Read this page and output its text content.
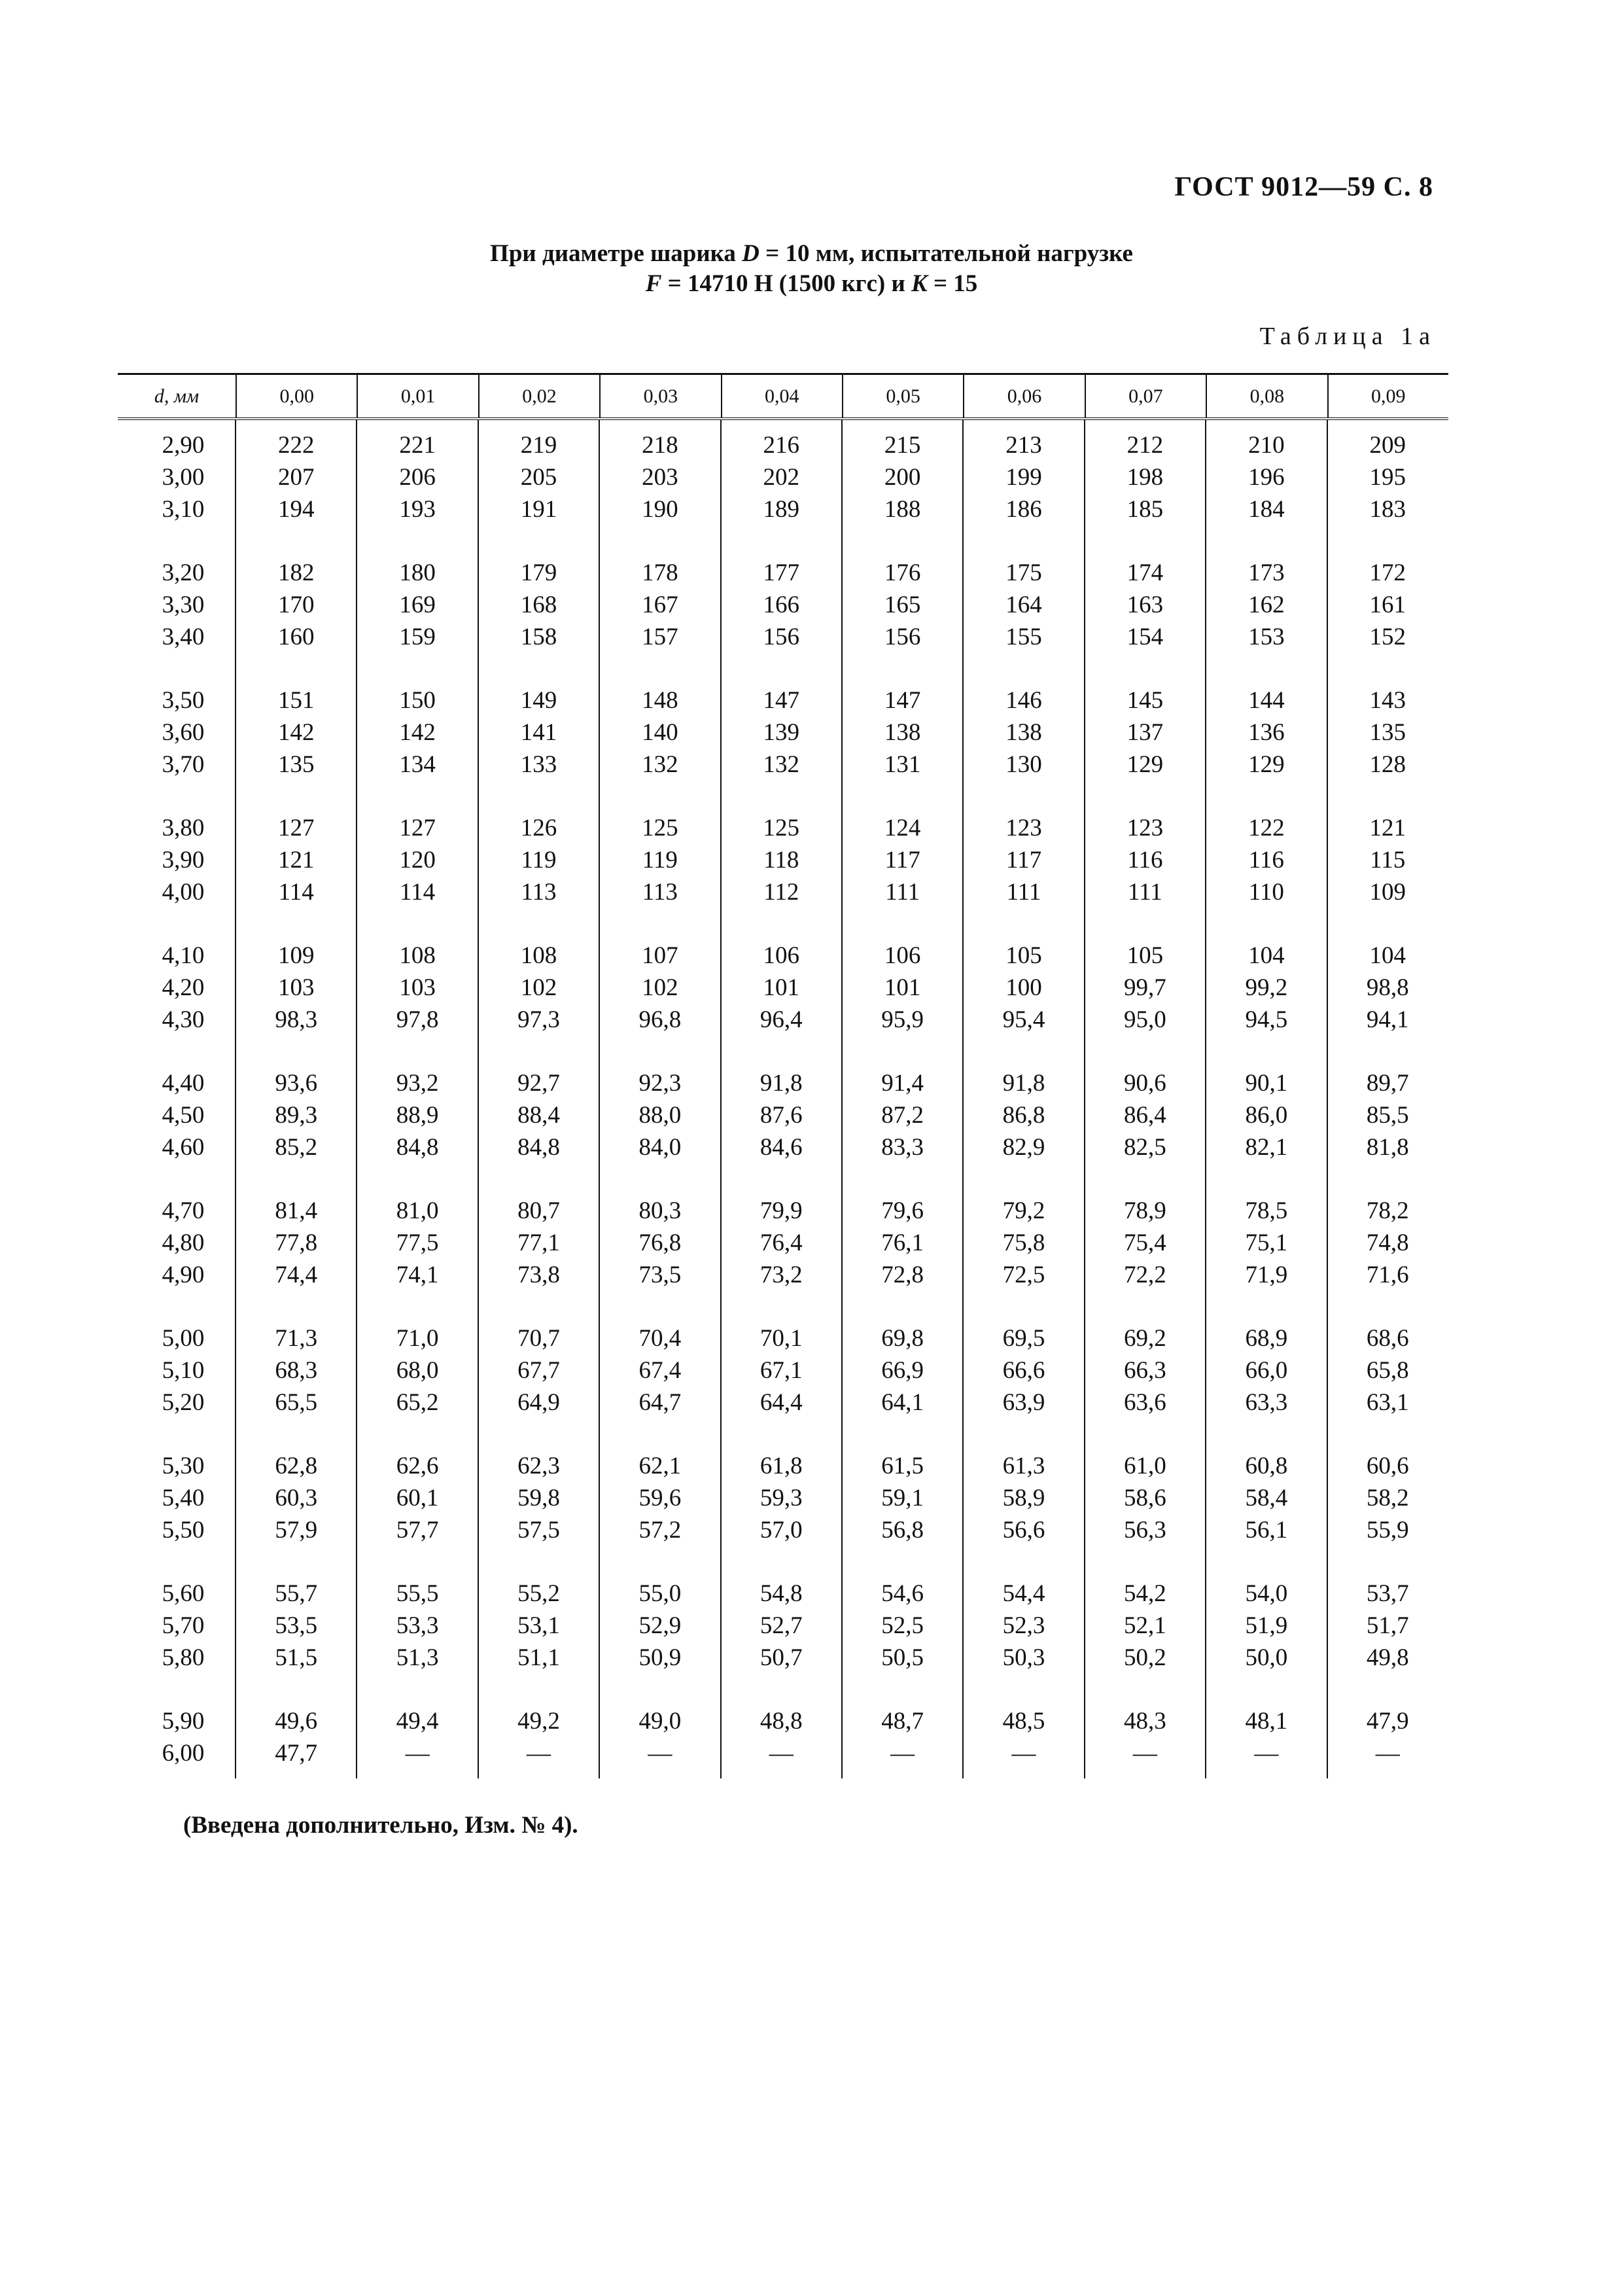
ГОСТ 9012—59 С. 8
При диаметре шарика D = 10 мм, испытательной нагрузке
F = 14710 Н (1500 кгс) и K = 15
Таблица 1а
d, мм	0,00	0,01	0,02	0,03	0,04	0,05	0,06	0,07	0,08	0,09
2,90	222	221	219	218	216	215	213	212	210	209
3,00	207	206	205	203	202	200	199	198	196	195
3,10	194	193	191	190	189	188	186	185	184	183
3,20	182	180	179	178	177	176	175	174	173	172
3,30	170	169	168	167	166	165	164	163	162	161
3,40	160	159	158	157	156	156	155	154	153	152
3,50	151	150	149	148	147	147	146	145	144	143
3,60	142	142	141	140	139	138	138	137	136	135
3,70	135	134	133	132	132	131	130	129	129	128
3,80	127	127	126	125	125	124	123	123	122	121
3,90	121	120	119	119	118	117	117	116	116	115
4,00	114	114	113	113	112	111	111	111	110	109
4,10	109	108	108	107	106	106	105	105	104	104
4,20	103	103	102	102	101	101	100	99,7	99,2	98,8
4,30	98,3	97,8	97,3	96,8	96,4	95,9	95,4	95,0	94,5	94,1
4,40	93,6	93,2	92,7	92,3	91,8	91,4	91,8	90,6	90,1	89,7
4,50	89,3	88,9	88,4	88,0	87,6	87,2	86,8	86,4	86,0	85,5
4,60	85,2	84,8	84,8	84,0	84,6	83,3	82,9	82,5	82,1	81,8
4,70	81,4	81,0	80,7	80,3	79,9	79,6	79,2	78,9	78,5	78,2
4,80	77,8	77,5	77,1	76,8	76,4	76,1	75,8	75,4	75,1	74,8
4,90	74,4	74,1	73,8	73,5	73,2	72,8	72,5	72,2	71,9	71,6
5,00	71,3	71,0	70,7	70,4	70,1	69,8	69,5	69,2	68,9	68,6
5,10	68,3	68,0	67,7	67,4	67,1	66,9	66,6	66,3	66,0	65,8
5,20	65,5	65,2	64,9	64,7	64,4	64,1	63,9	63,6	63,3	63,1
5,30	62,8	62,6	62,3	62,1	61,8	61,5	61,3	61,0	60,8	60,6
5,40	60,3	60,1	59,8	59,6	59,3	59,1	58,9	58,6	58,4	58,2
5,50	57,9	57,7	57,5	57,2	57,0	56,8	56,6	56,3	56,1	55,9
5,60	55,7	55,5	55,2	55,0	54,8	54,6	54,4	54,2	54,0	53,7
5,70	53,5	53,3	53,1	52,9	52,7	52,5	52,3	52,1	51,9	51,7
5,80	51,5	51,3	51,1	50,9	50,7	50,5	50,3	50,2	50,0	49,8
5,90	49,6	49,4	49,2	49,0	48,8	48,7	48,5	48,3	48,1	47,9
6,00	47,7	—	—	—	—	—	—	—	—	—
(Введена дополнительно, Изм. № 4).
